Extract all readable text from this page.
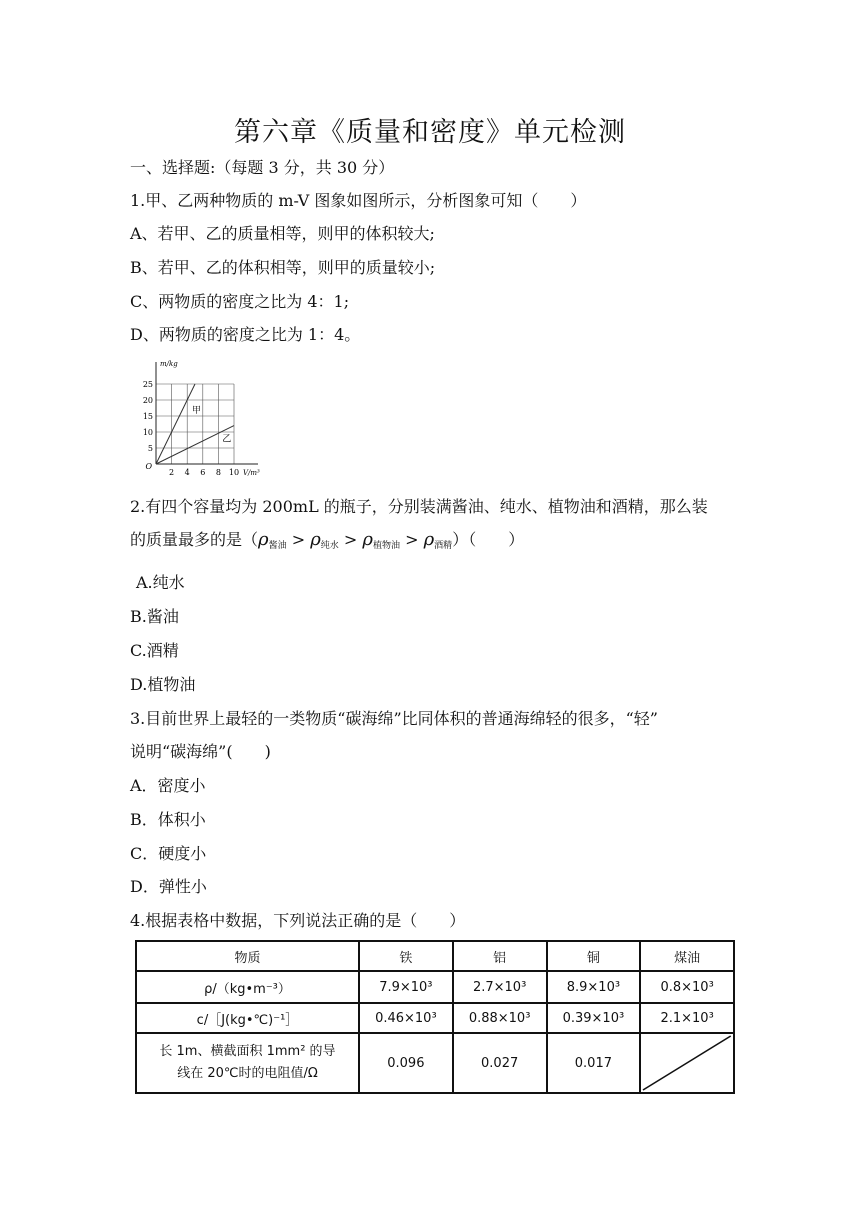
第六章《质量和密度》单元检测
一、选择题:（每题 3 分，共 30 分）
1.甲、乙两种物质的 m-V 图象如图所示，分析图象可知（　　）
A、若甲、乙的质量相等，则甲的体积较大;
B、若甲、乙的体积相等，则甲的质量较小;
C、两物质的密度之比为 4：1;
D、两物质的密度之比为 1：4。
2 4 6 8 10
5
10
15
20
25
O
m/kg
V/m³
甲
乙
2.有四个容量均为 200mL 的瓶子，分别装满酱油、纯水、植物油和酒精，那么装
的质量最多的是$(\rho_{酱油} > \rho_{纯水} > \rho_{植物油} > \rho_{酒精})$（　　）
A.纯水
B.酱油
C.酒精
D.植物油
3.目前世界上最轻的一类物质“碳海绵”比同体积的普通海绵轻的很多，“轻”
说明“碳海绵”(　　)
A．密度小
B．体积小
C．硬度小
D．弹性小
4.根据表格中数据，下列说法正确的是（　　）
物质	铁	铝	铜	煤油
ρ/（kg•m⁻³）	7.9×10³	2.7×10³	8.9×10³	0.8×10³
c/［J(kg•℃)⁻¹］	0.46×10³	0.88×10³	0.39×10³	2.1×10³

长 1m、横截面积 1mm² 的导
线在 20℃时的电阻值/Ω	0.096	0.027	0.017	
